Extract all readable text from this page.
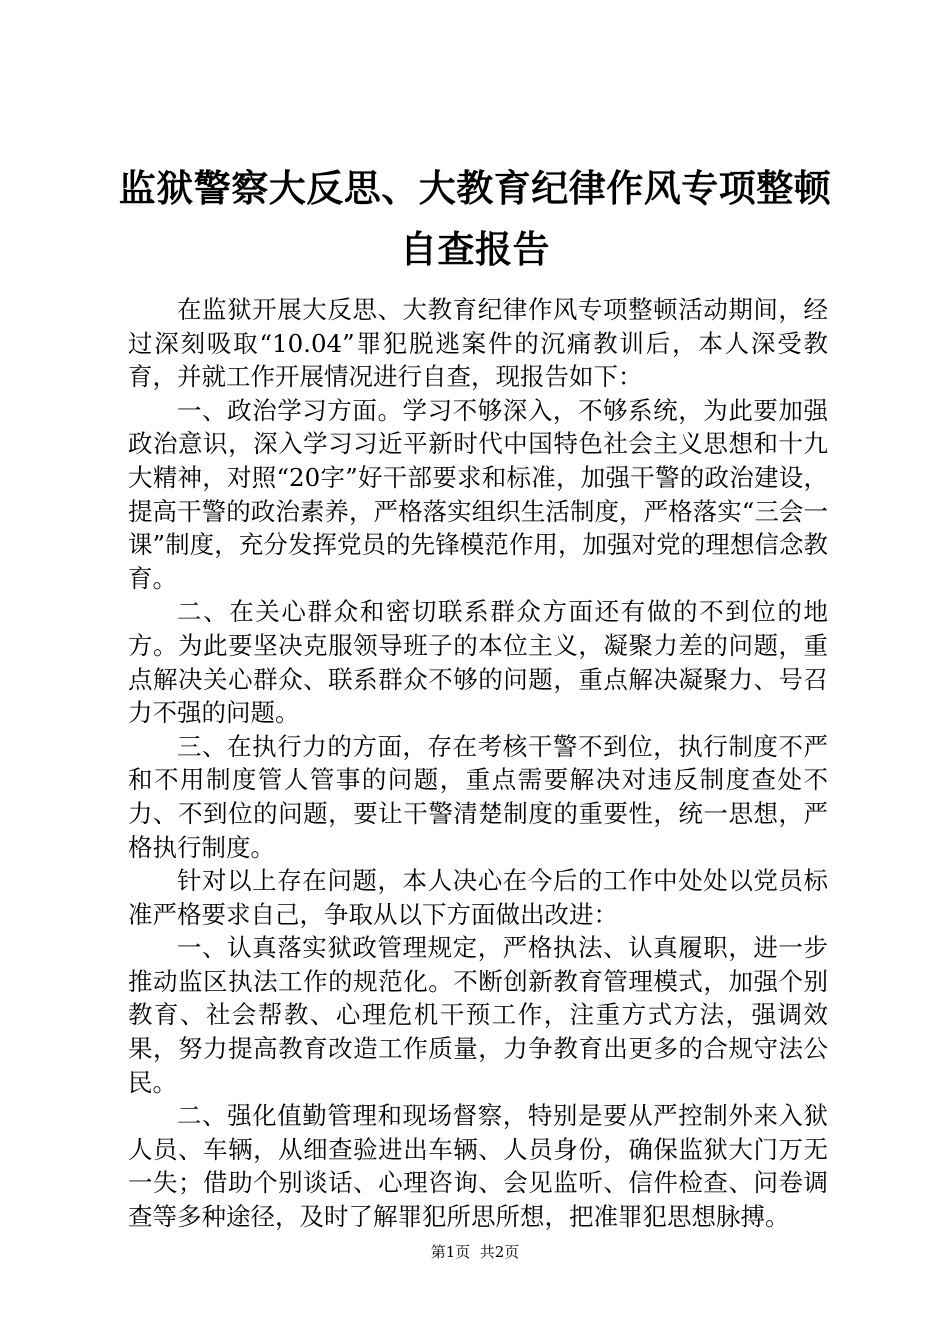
监狱警察大反思、大教育纪律作风专项整顿自查报告

在监狱开展大反思、大教育纪律作风专项整顿活动期间，经过深刻吸取“10.04”罪犯脱逃案件的沉痛教训后，本人深受教育，并就工作开展情况进行自查，现报告如下：

一、政治学习方面。学习不够深入，不够系统，为此要加强政治意识，深入学习习近平新时代中国特色社会主义思想和十九大精神，对照“20字”好干部要求和标准，加强干警的政治建设，提高干警的政治素养，严格落实组织生活制度，严格落实“三会一课”制度，充分发挥党员的先锋模范作用，加强对党的理想信念教育。

二、在关心群众和密切联系群众方面还有做的不到位的地方。为此要坚决克服领导班子的本位主义，凝聚力差的问题，重点解决关心群众、联系群众不够的问题，重点解决凝聚力、号召力不强的问题。

三、在执行力的方面，存在考核干警不到位，执行制度不严和不用制度管人管事的问题，重点需要解决对违反制度查处不力、不到位的问题，要让干警清楚制度的重要性，统一思想，严格执行制度。

针对以上存在问题，本人决心在今后的工作中处处以党员标准严格要求自己，争取从以下方面做出改进：

一、认真落实狱政管理规定，严格执法、认真履职，进一步推动监区执法工作的规范化。不断创新教育管理模式，加强个别教育、社会帮教、心理危机干预工作，注重方式方法，强调效果，努力提高教育改造工作质量，力争教育出更多的合规守法公民。

二、强化值勤管理和现场督察，特别是要从严控制外来入狱人员、车辆，从细查验进出车辆、人员身份，确保监狱大门万无一失；借助个别谈话、心理咨询、会见监听、信件检查、问卷调查等多种途径，及时了解罪犯所思所想，把准罪犯思想脉搏。

第1页  共2页
